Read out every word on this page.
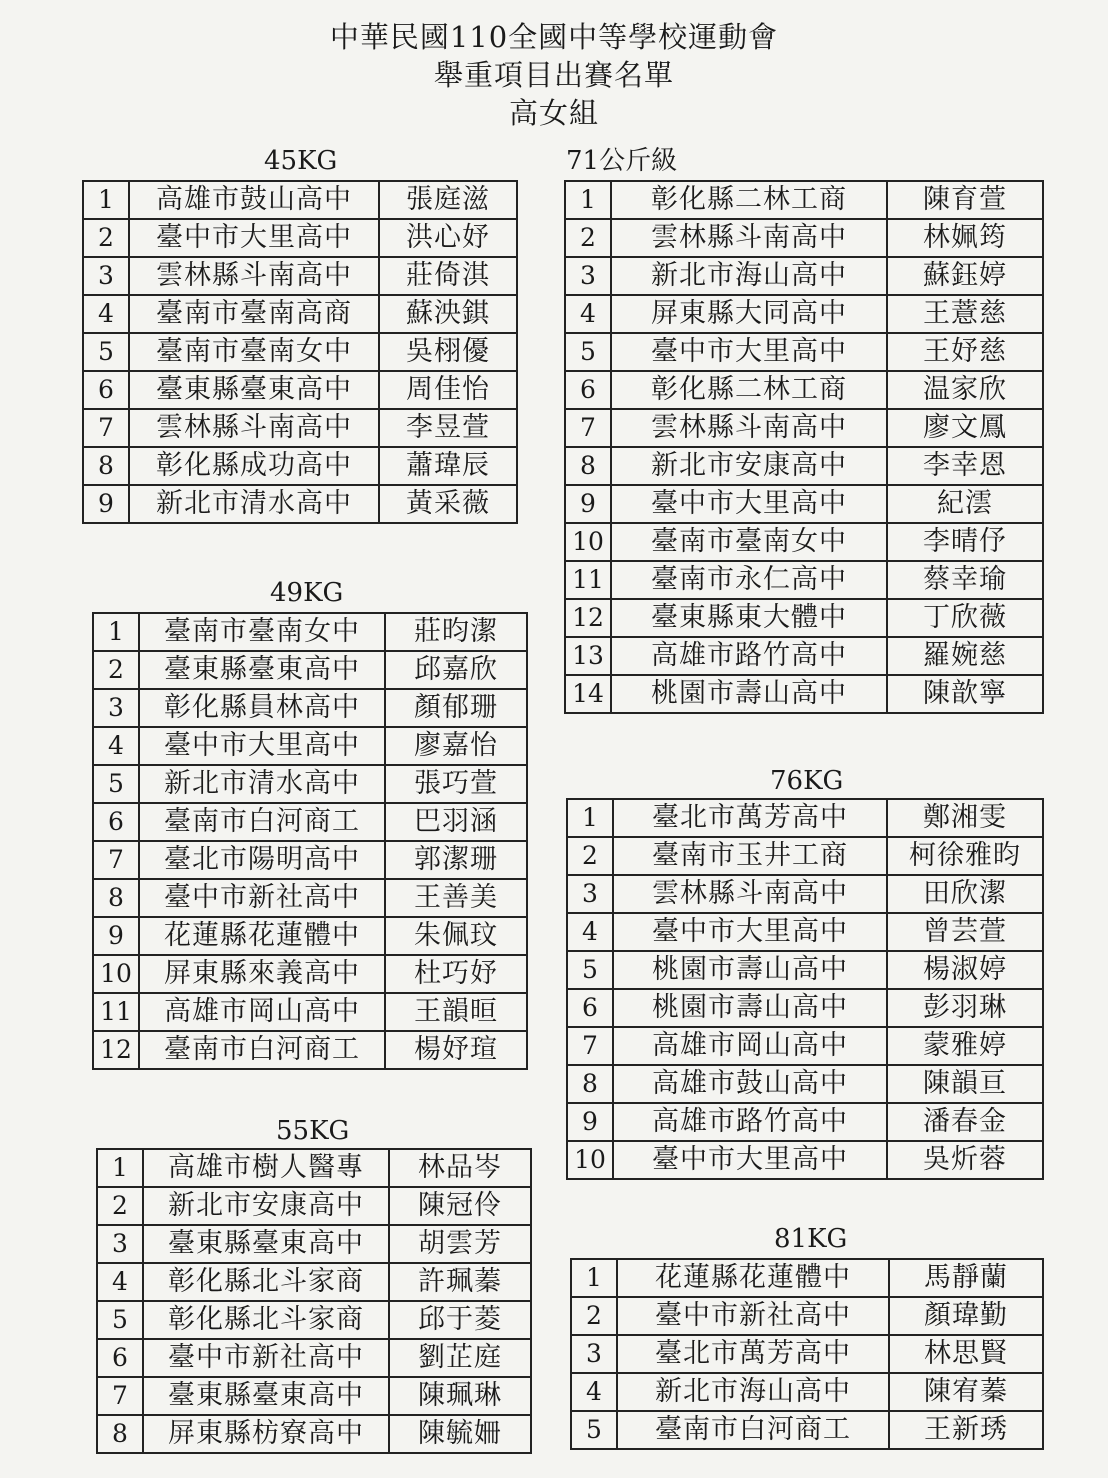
中華民國110全國中等學校運動會
舉重項目出賽名單
高女組
45KG
1	高雄市鼓山高中	張庭滋
2	臺中市大里高中	洪心妤
3	雲林縣斗南高中	莊倚淇
4	臺南市臺南高商	蘇泱錤
5	臺南市臺南女中	吳栩優
6	臺東縣臺東高中	周佳怡
7	雲林縣斗南高中	李昱萱
8	彰化縣成功高中	蕭瑋辰
9	新北市清水高中	黃采薇
49KG
1	臺南市臺南女中	莊昀潔
2	臺東縣臺東高中	邱嘉欣
3	彰化縣員林高中	顏郁珊
4	臺中市大里高中	廖嘉怡
5	新北市清水高中	張巧萱
6	臺南市白河商工	巴羽涵
7	臺北市陽明高中	郭潔珊
8	臺中市新社高中	王善美
9	花蓮縣花蓮體中	朱佩玟
10	屏東縣來義高中	杜巧妤
11	高雄市岡山高中	王韻晅
12	臺南市白河商工	楊妤瑄
55KG
1	高雄市樹人醫專	林品岑
2	新北市安康高中	陳冠伶
3	臺東縣臺東高中	胡雲芳
4	彰化縣北斗家商	許珮蓁
5	彰化縣北斗家商	邱于菱
6	臺中市新社高中	劉芷庭
7	臺東縣臺東高中	陳珮琳
8	屏東縣枋寮高中	陳毓姍
71公斤級
1	彰化縣二林工商	陳育萱
2	雲林縣斗南高中	林姵筠
3	新北市海山高中	蘇鈺婷
4	屏東縣大同高中	王薏慈
5	臺中市大里高中	王妤慈
6	彰化縣二林工商	温家欣
7	雲林縣斗南高中	廖文鳳
8	新北市安康高中	李幸恩
9	臺中市大里高中	紀澐
10	臺南市臺南女中	李晴伃
11	臺南市永仁高中	蔡幸瑜
12	臺東縣東大體中	丁欣薇
13	高雄市路竹高中	羅婉慈
14	桃園市壽山高中	陳歆寧
76KG
1	臺北市萬芳高中	鄭湘雯
2	臺南市玉井工商	柯徐雅昀
3	雲林縣斗南高中	田欣潔
4	臺中市大里高中	曾芸萱
5	桃園市壽山高中	楊淑婷
6	桃園市壽山高中	彭羽琳
7	高雄市岡山高中	蒙雅婷
8	高雄市鼓山高中	陳韻亘
9	高雄市路竹高中	潘春金
10	臺中市大里高中	吳炘蓉
81KG
1	花蓮縣花蓮體中	馬靜蘭
2	臺中市新社高中	顏瑋勤
3	臺北市萬芳高中	林思賢
4	新北市海山高中	陳宥蓁
5	臺南市白河商工	王新琇
